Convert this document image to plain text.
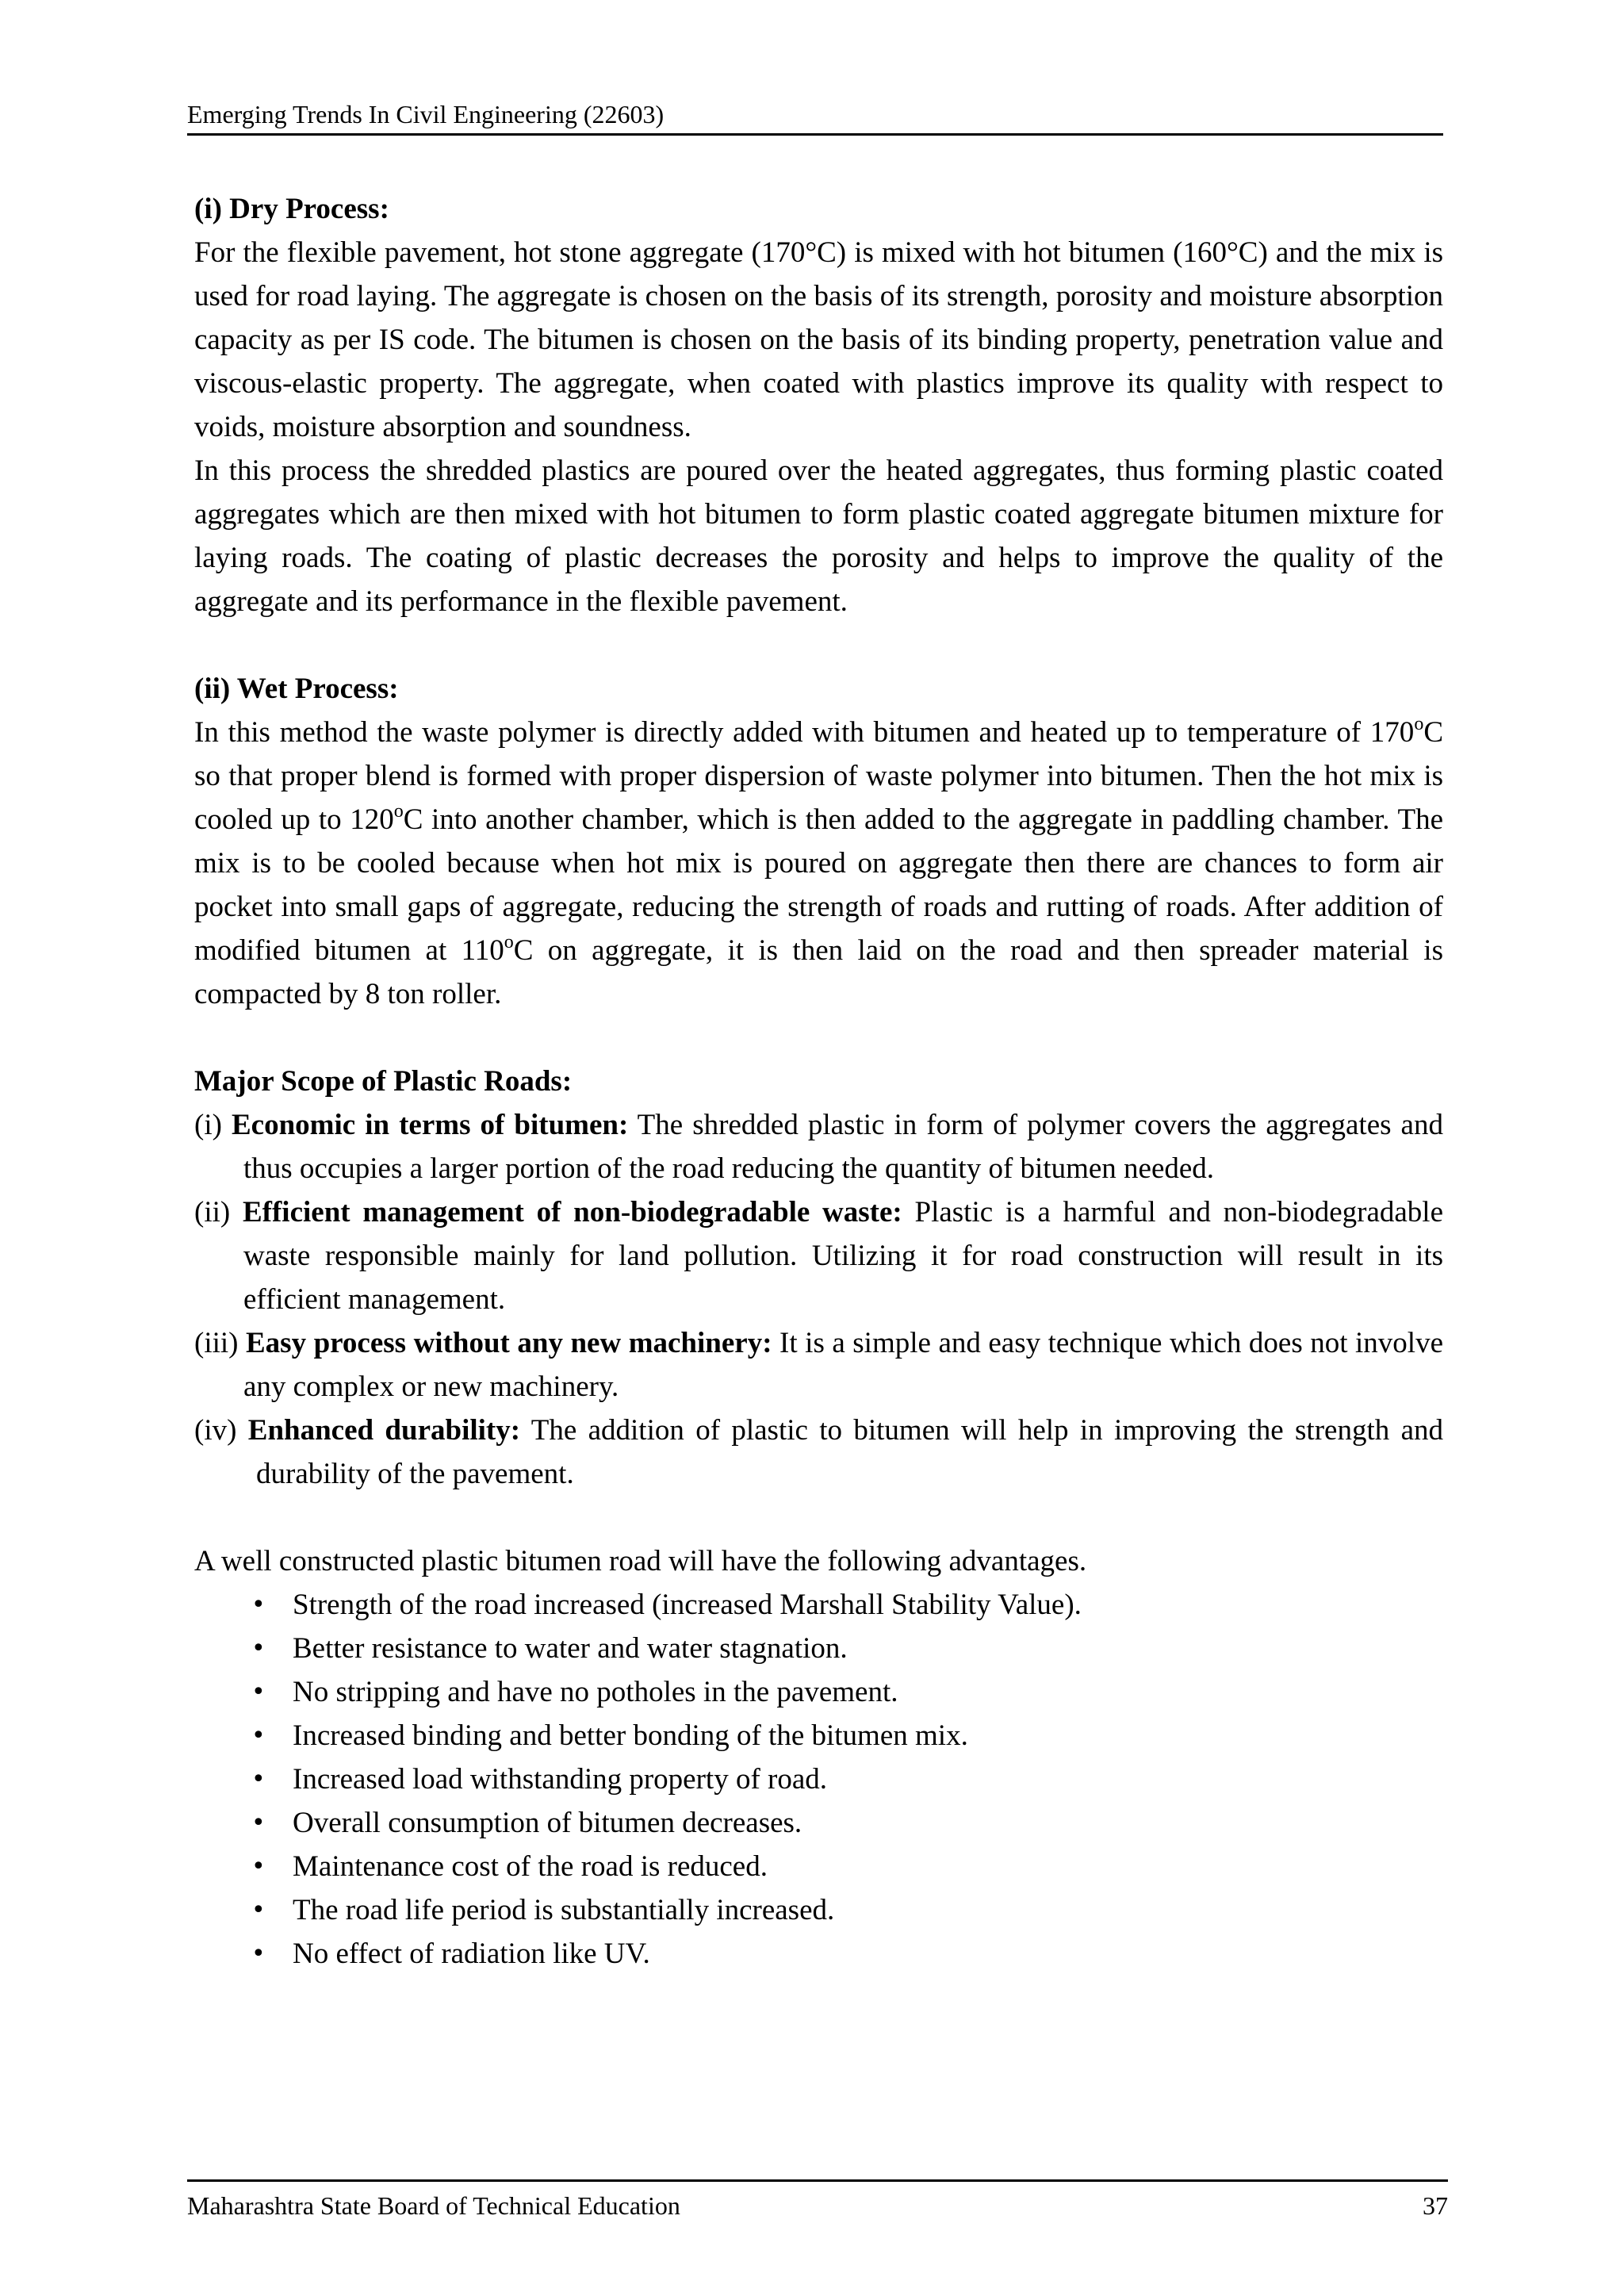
Emerging Trends In Civil Engineering (22603)
(i) Dry Process:

For the flexible pavement, hot stone aggregate (170°C) is mixed with hot bitumen (160°C) and the mix is used for road laying. The aggregate is chosen on the basis of its strength, porosity and moisture absorption capacity as per IS code. The bitumen is chosen on the basis of its binding property, penetration value and viscous-elastic property. The aggregate, when coated with plastics improve its quality with respect to voids, moisture absorption and soundness.

In this process the shredded plastics are poured over the heated aggregates, thus forming plastic coated aggregates which are then mixed with hot bitumen to form plastic coated aggregate bitumen mixture for laying roads. The coating of plastic decreases the porosity and helps to improve the quality of the aggregate and its performance in the flexible pavement.

(ii) Wet Process:

In this method the waste polymer is directly added with bitumen and heated up to temperature of 170$^o$C so that proper blend is formed with proper dispersion of waste polymer into bitumen. Then the hot mix is cooled up to 120$^o$C into another chamber, which is then added to the aggregate in paddling chamber. The mix is to be cooled because when hot mix is poured on aggregate then there are chances to form air pocket into small gaps of aggregate, reducing the strength of roads and rutting of roads. After addition of modified bitumen at 110$^o$C on aggregate, it is then laid on the road and then spreader material is compacted by 8 ton roller.

Major Scope of Plastic Roads:
(i) Economic in terms of bitumen: The shredded plastic in form of polymer covers the aggregates and thus occupies a larger portion of the road reducing the quantity of bitumen needed.
(ii) Efficient management of non-biodegradable waste: Plastic is a harmful and non-biodegradable waste responsible mainly for land pollution. Utilizing it for road construction will result in its efficient management.
(iii) Easy process without any new machinery: It is a simple and easy technique which does not involve any complex or new machinery.
(iv) Enhanced durability: The addition of plastic to bitumen will help in improving the strength and durability of the pavement.

A well constructed plastic bitumen road will have the following advantages.

• Strength of the road increased (increased Marshall Stability Value).
• Better resistance to water and water stagnation.
• No stripping and have no potholes in the pavement.
• Increased binding and better bonding of the bitumen mix.
• Increased load withstanding property of road.
• Overall consumption of bitumen decreases.
• Maintenance cost of the road is reduced.
• The road life period is substantially increased.
• No effect of radiation like UV.
Maharashtra State Board of Technical Education	37
